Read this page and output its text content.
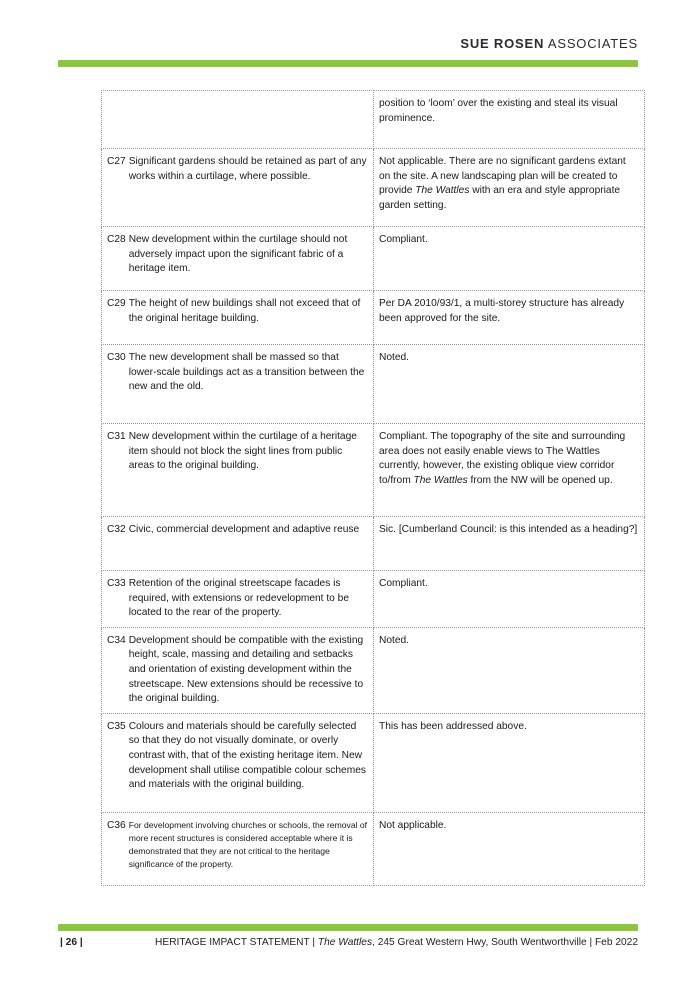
SUE ROSEN ASSOCIATES
	position to ‘loom’ over the existing and steal its visual prominence.

C27 Significant gardens should be retained as part of any works within a curtilage, where possible.	Not applicable. There are no significant gardens extant on the site. A new landscaping plan will be created to provide The Wattles with an era and style appropriate garden setting.

C28 New development within the curtilage should not adversely impact upon the significant fabric of a heritage item.	Compliant.

C29 The height of new buildings shall not exceed that of the original heritage building.	Per DA 2010/93/1, a multi-storey structure has already been approved for the site.

C30 The new development shall be massed so that lower-scale buildings act as a transition between the new and the old.	Noted.

C31 New development within the curtilage of a heritage item should not block the sight lines from public areas to the original building.	Compliant. The topography of the site and surrounding area does not easily enable views to The Wattles currently, however, the existing oblique view corridor to/from The Wattles from the NW will be opened up.

C32 Civic, commercial development and adaptive reuse	Sic. [Cumberland Council: is this intended as a heading?]

C33 Retention of the original streetscape facades is required, with extensions or redevelopment to be located to the rear of the property.	Compliant.

C34 Development should be compatible with the existing height, scale, massing and detailing and setbacks and orientation of existing development within the streetscape. New extensions should be recessive to the original building.	Noted.

C35 Colours and materials should be carefully selected so that they do not visually dominate, or overly contrast with, that of the existing heritage item. New development shall utilise compatible colour schemes and materials with the original building.	This has been addressed above.

C36 For development involving churches or schools, the removal of more recent structures is considered acceptable where it is demonstrated that they are not critical to the heritage significance of the property.	Not applicable.
| 26 |	HERITAGE IMPACT STATEMENT | The Wattles, 245 Great Western Hwy, South Wentworthville | Feb 2022
